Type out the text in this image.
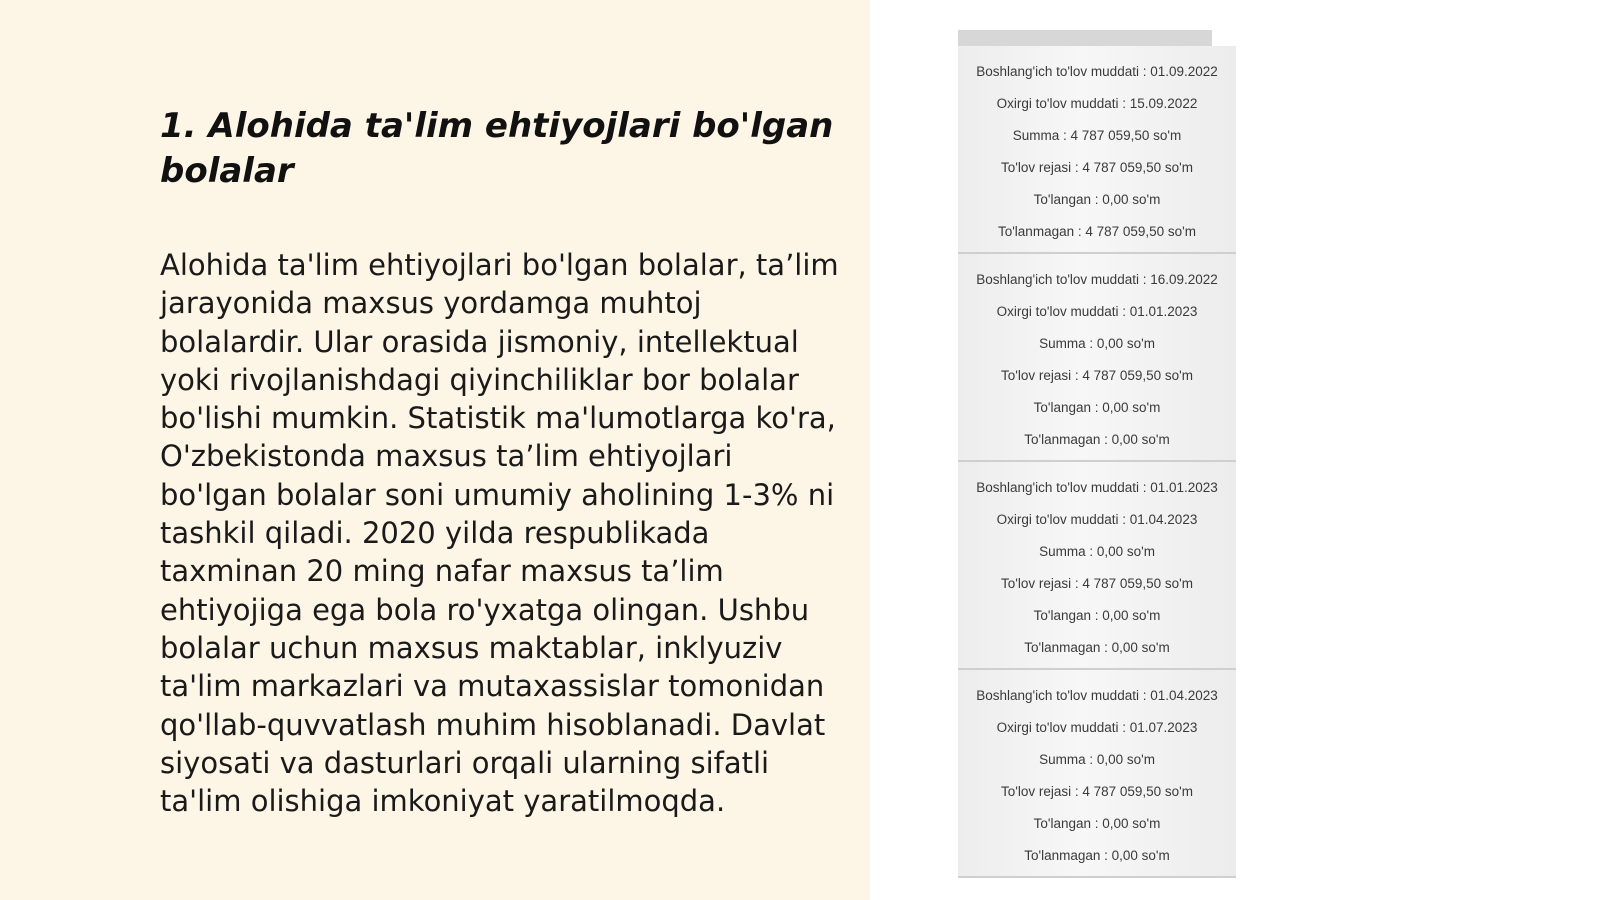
1. Alohida ta'lim ehtiyojlari bo'lgan bolalar

Alohida ta'lim ehtiyojlari bo'lgan bolalar, ta’lim jarayonida maxsus yordamga muhtoj bolalardir. Ular orasida jismoniy, intellektual yoki rivojlanishdagi qiyinchiliklar bor bolalar bo'lishi mumkin. Statistik ma'lumotlarga ko'ra, O'zbekistonda maxsus ta’lim ehtiyojlari bo'lgan bolalar soni umumiy aholining 1-3% ni tashkil qiladi. 2020 yilda respublikada taxminan 20 ming nafar maxsus ta’lim ehtiyojiga ega bola ro'yxatga olingan. Ushbu bolalar uchun maxsus maktablar, inklyuziv ta'lim markazlari va mutaxassislar tomonidan qo'llab-quvvatlash muhim hisoblanadi. Davlat siyosati va dasturlari orqali ularning sifatli ta'lim olishiga imkoniyat yaratilmoqda.

Boshlang'ich to'lov muddati : 01.09.2022
Oxirgi to'lov muddati : 15.09.2022
Summa : 4 787 059,50 so'm
To'lov rejasi : 4 787 059,50 so'm
To'langan : 0,00 so'm
To'lanmagan : 4 787 059,50 so'm
Boshlang'ich to'lov muddati : 16.09.2022
Oxirgi to'lov muddati : 01.01.2023
Summa : 0,00 so'm
To'lov rejasi : 4 787 059,50 so'm
To'langan : 0,00 so'm
To'lanmagan : 0,00 so'm
Boshlang'ich to'lov muddati : 01.01.2023
Oxirgi to'lov muddati : 01.04.2023
Summa : 0,00 so'm
To'lov rejasi : 4 787 059,50 so'm
To'langan : 0,00 so'm
To'lanmagan : 0,00 so'm
Boshlang'ich to'lov muddati : 01.04.2023
Oxirgi to'lov muddati : 01.07.2023
Summa : 0,00 so'm
To'lov rejasi : 4 787 059,50 so'm
To'langan : 0,00 so'm
To'lanmagan : 0,00 so'm
